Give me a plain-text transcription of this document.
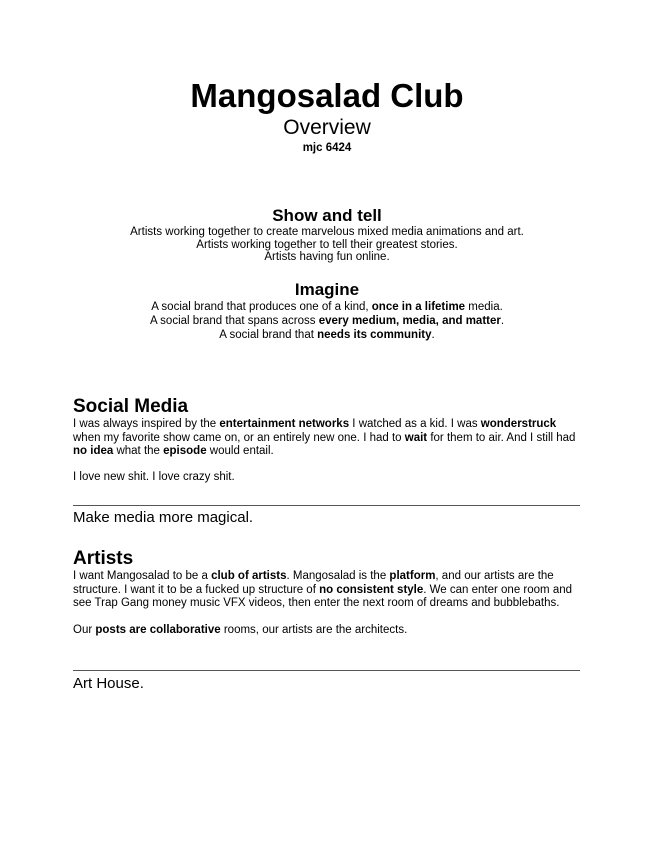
Mangosalad Club

Overview

mjc 6424

Show and tell

Artists working together to create marvelous mixed media animations and art.

Artists working together to tell their greatest stories.

Artists having fun online.

Imagine

A social brand that produces one of a kind, once in a lifetime media.

A social brand that spans across every medium, media, and matter.

A social brand that needs its community.

Social Media

I was always inspired by the entertainment networks I watched as a kid. I was wonderstruck when my favorite show came on, or an entirely new one. I had to wait for them to air. And I still had no idea what the episode would entail.

I love new shit. I love crazy shit.

Make media more magical.

Artists

I want Mangosalad to be a club of artists. Mangosalad is the platform, and our artists are the structure. I want it to be a fucked up structure of no consistent style. We can enter one room and see Trap Gang money music VFX videos, then enter the next room of dreams and bubblebaths.

Our posts are collaborative rooms, our artists are the architects.

Art House.
